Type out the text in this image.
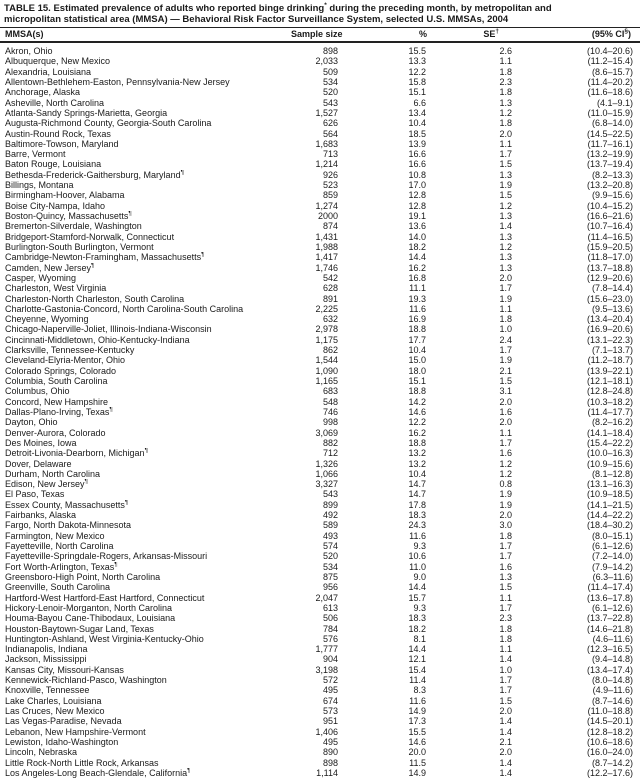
TABLE 15. Estimated prevalence of adults who reported binge drinking* during the preceding month, by metropolitan and
micropolitan statistical area (MMSA) — Behavioral Risk Factor Surveillance System, selected U.S. MMSAs, 2004
MMSA(s)	Sample size	%	SE†	(95% CI§)
Akron, Ohio	898	15.5	2.6	(10.4–20.6)
Albuquerque, New Mexico	2,033	13.3	1.1	(11.2–15.4)
Alexandria, Louisiana	509	12.2	1.8	(8.6–15.7)
Allentown-Bethlehem-Easton, Pennsylvania-New Jersey	534	15.8	2.3	(11.4–20.2)
Anchorage, Alaska	520	15.1	1.8	(11.6–18.6)
Asheville, North Carolina	543	6.6	1.3	(4.1–9.1)
Atlanta-Sandy Springs-Marietta, Georgia	1,527	13.4	1.2	(11.0–15.9)
Augusta-Richmond County, Georgia-South Carolina	626	10.4	1.8	(6.8–14.0)
Austin-Round Rock, Texas	564	18.5	2.0	(14.5–22.5)
Baltimore-Towson, Maryland	1,683	13.9	1.1	(11.7–16.1)
Barre, Vermont	713	16.6	1.7	(13.2–19.9)
Baton Rouge, Louisiana	1,214	16.6	1.5	(13.7–19.4)
Bethesda-Frederick-Gaithersburg, Maryland¶	926	10.8	1.3	(8.2–13.3)
Billings, Montana	523	17.0	1.9	(13.2–20.8)
Birmingham-Hoover, Alabama	859	12.8	1.5	(9.9–15.6)
Boise City-Nampa, Idaho	1,274	12.8	1.2	(10.4–15.2)
Boston-Quincy, Massachusetts¶	2000	19.1	1.3	(16.6–21.6)
Bremerton-Silverdale, Washington	874	13.6	1.4	(10.7–16.4)
Bridgeport-Stamford-Norwalk, Connecticut	1,431	14.0	1.3	(11.4–16.5)
Burlington-South Burlington, Vermont	1,988	18.2	1.2	(15.9–20.5)
Cambridge-Newton-Framingham, Massachusetts¶	1,417	14.4	1.3	(11.8–17.0)
Camden, New Jersey¶	1,746	16.2	1.3	(13.7–18.8)
Casper, Wyoming	542	16.8	2.0	(12.9–20.6)
Charleston, West Virginia	628	11.1	1.7	(7.8–14.4)
Charleston-North Charleston, South Carolina	891	19.3	1.9	(15.6–23.0)
Charlotte-Gastonia-Concord, North Carolina-South Carolina	2,225	11.6	1.1	(9.5–13.6)
Cheyenne, Wyoming	632	16.9	1.8	(13.4–20.4)
Chicago-Naperville-Joliet, Illinois-Indiana-Wisconsin	2,978	18.8	1.0	(16.9–20.6)
Cincinnati-Middletown, Ohio-Kentucky-Indiana	1,175	17.7	2.4	(13.1–22.3)
Clarksville, Tennessee-Kentucky	862	10.4	1.7	(7.1–13.7)
Cleveland-Elyria-Mentor, Ohio	1,544	15.0	1.9	(11.2–18.7)
Colorado Springs, Colorado	1,090	18.0	2.1	(13.9–22.1)
Columbia, South Carolina	1,165	15.1	1.5	(12.1–18.1)
Columbus, Ohio	683	18.8	3.1	(12.8–24.8)
Concord, New Hampshire	548	14.2	2.0	(10.3–18.2)
Dallas-Plano-Irving, Texas¶	746	14.6	1.6	(11.4–17.7)
Dayton, Ohio	998	12.2	2.0	(8.2–16.2)
Denver-Aurora, Colorado	3,069	16.2	1.1	(14.1–18.4)
Des Moines, Iowa	882	18.8	1.7	(15.4–22.2)
Detroit-Livonia-Dearborn, Michigan¶	712	13.2	1.6	(10.0–16.3)
Dover, Delaware	1,326	13.2	1.2	(10.9–15.6)
Durham, North Carolina	1,066	10.4	1.2	(8.1–12.8)
Edison, New Jersey¶	3,327	14.7	0.8	(13.1–16.3)
El Paso, Texas	543	14.7	1.9	(10.9–18.5)
Essex County, Massachusetts¶	899	17.8	1.9	(14.1–21.5)
Fairbanks, Alaska	492	18.3	2.0	(14.4–22.2)
Fargo, North Dakota-Minnesota	589	24.3	3.0	(18.4–30.2)
Farmington, New Mexico	493	11.6	1.8	(8.0–15.1)
Fayetteville, North Carolina	574	9.3	1.7	(6.1–12.6)
Fayetteville-Springdale-Rogers, Arkansas-Missouri	520	10.6	1.7	(7.2–14.0)
Fort Worth-Arlington, Texas¶	534	11.0	1.6	(7.9–14.2)
Greensboro-High Point, North Carolina	875	9.0	1.3	(6.3–11.6)
Greenville, South Carolina	956	14.4	1.5	(11.4–17.4)
Hartford-West Hartford-East Hartford, Connecticut	2,047	15.7	1.1	(13.6–17.8)
Hickory-Lenoir-Morganton, North Carolina	613	9.3	1.7	(6.1–12.6)
Houma-Bayou Cane-Thibodaux, Louisiana	506	18.3	2.3	(13.7–22.8)
Houston-Baytown-Sugar Land, Texas	784	18.2	1.8	(14.6–21.8)
Huntington-Ashland, West Virginia-Kentucky-Ohio	576	8.1	1.8	(4.6–11.6)
Indianapolis, Indiana	1,777	14.4	1.1	(12.3–16.5)
Jackson, Mississippi	904	12.1	1.4	(9.4–14.8)
Kansas City, Missouri-Kansas	3,198	15.4	1.0	(13.4–17.4)
Kennewick-Richland-Pasco, Washington	572	11.4	1.7	(8.0–14.8)
Knoxville, Tennessee	495	8.3	1.7	(4.9–11.6)
Lake Charles, Louisiana	674	11.6	1.5	(8.7–14.6)
Las Cruces, New Mexico	573	14.9	2.0	(11.0–18.8)
Las Vegas-Paradise, Nevada	951	17.3	1.4	(14.5–20.1)
Lebanon, New Hampshire-Vermont	1,406	15.5	1.4	(12.8–18.2)
Lewiston, Idaho-Washington	495	14.6	2.1	(10.6–18.6)
Lincoln, Nebraska	890	20.0	2.0	(16.0–24.0)
Little Rock-North Little Rock, Arkansas	898	11.5	1.4	(8.7–14.2)
Los Angeles-Long Beach-Glendale, California¶	1,114	14.9	1.4	(12.2–17.6)
